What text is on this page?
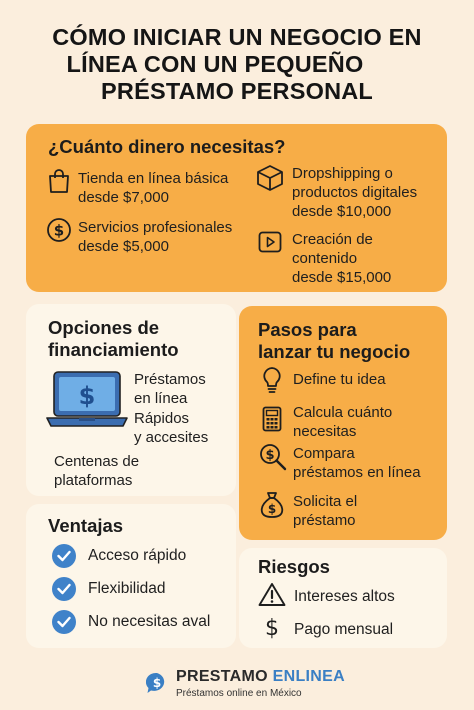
CÓMO INICIAR UN NEGOCIO EN
LÍNEA CON UN PEQUEÑO
PRÉSTAMO PERSONAL
¿Cuánto dinero necesitas?
Tienda en línea básica
desde $7,000
$ Servicios profesionales
desde $5,000
Dropshipping o
productos digitales
desde $10,000
Creación de
contenido
desde $15,000
Opciones de
financiamiento
$
Préstamos
en línea
Rápidos
y accesites
Centenas de
plataformas
Pasos para
lanzar tu negocio
Define tu idea
Calcula cuánto
necesitas
$ Compara
préstamos en línea
$ Solicita el
préstamo
Ventajas
Acceso rápido
Flexibilidad
No necesitas aval
Riesgos
Intereses altos
$ Pago mensual
$ PRESTAMO ENLINEA
Préstamos online en México
